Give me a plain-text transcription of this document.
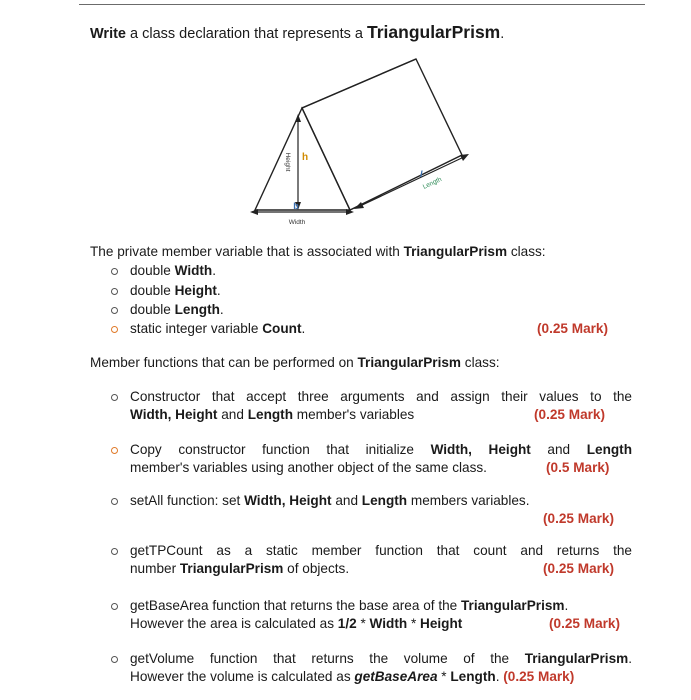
Write a class declaration that represents a TriangularPrism.
Height h
b
Width
l
Length
The private member variable that is associated with TriangularPrism class:
double Width.
double Height.
double Length.
static integer variable Count.	(0.25 Mark)
Member functions that can be performed on TriangularPrism class:
Constructor that accept three arguments and assign their values to the
Width, Height and Length member's variables	(0.25 Mark)
Copy constructor function that initialize Width, Height and Length
member's variables using another object of the same class.	(0.5 Mark)
setAll function: set Width, Height and Length members variables.
(0.25 Mark)
getTPCount as a static member function that count and returns the
number TriangularPrism of objects.	(0.25 Mark)
getBaseArea function that returns the base area of the TriangularPrism.
However the area is calculated as 1/2 * Width * Height	(0.25 Mark)
getVolume function that returns the volume of the TriangularPrism.
However the volume is calculated as getBaseArea * Length. (0.25 Mark)
